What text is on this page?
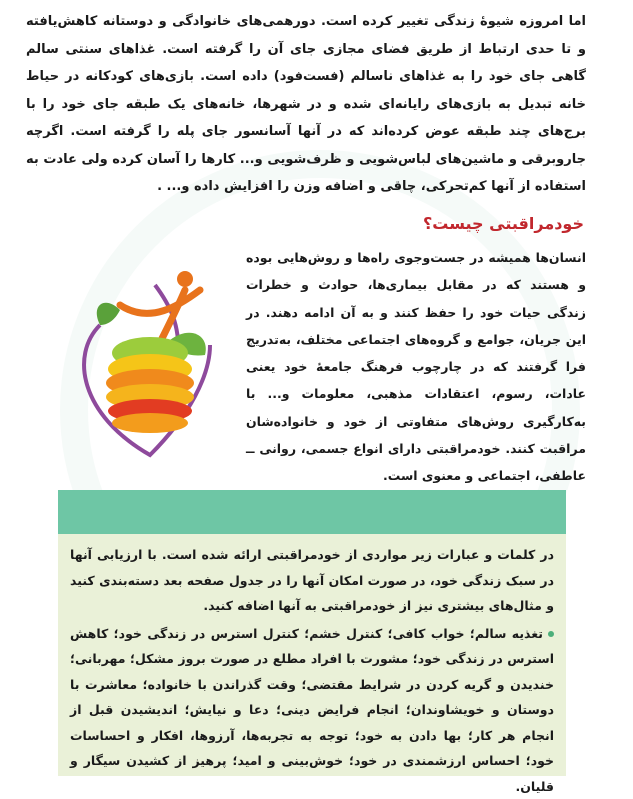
اما امروزه شیوهٔ زندگی تغییر کرده است. دورهمی‌های خانوادگی و دوستانه کاهش‌یافته و تا حدی ارتباط از طریق فضای مجازی جای آن را گرفته است. غذاهای سنتی سالم گاهی جای خود را به غذاهای ناسالم (فست‌فود) داده است. بازی‌های کودکانه در حیاط خانه تبدیل به بازی‌های رایانه‌ای شده و در شهرها، خانه‌های یک طبقه جای خود را با برج‌های چند طبقه عوض کرده‌اند که در آنها آسانسور جای پله را گرفته است. اگرچه جاروبرقی و ماشین‌های لباس‌شویی و ظرف‌شویی و... کارها را آسان کرده ولی عادت به استفاده از آنها کم‌تحرکی، چاقی و اضافه وزن را افزایش داده و... .

خودمراقبتی چیست؟

انسان‌ها همیشه در جست‌وجوی راه‌ها و روش‌هایی بوده و هستند که در مقابل بیماری‌ها، حوادث و خطرات زندگی حیات خود را حفظ کنند و به آن ادامه دهند. در این جریان، جوامع و گروه‌های اجتماعی مختلف، به‌تدریج فرا گرفتند که در چارچوب فرهنگ جامعهٔ خود یعنی عادات، رسوم، اعتقادات مذهبی، معلومات و... با به‌کارگیری روش‌های متفاوتی از خود و خانواده‌شان مراقبت کنند. خودمراقبتی دارای انواع جسمی، روانی ــ عاطفی، اجتماعی و معنوی است.

در کلمات و عبارات زیر مواردی از خودمراقبتی ارائه شده است. با ارزیابی آنها در سبک زندگی خود، در صورت امکان آنها را در جدول صفحه بعد دسته‌بندی کنید و مثال‌های بیشتری نیز از خودمراقبتی به آنها اضافه کنید.

تغذیه سالم؛ خواب کافی؛ کنترل خشم؛ کنترل استرس در زندگی خود؛ کاهش استرس در زندگی خود؛ مشورت با افراد مطلع در صورت بروز مشکل؛ مهربانی؛ خندیدن و گریه کردن در شرایط مقتضی؛ وقت گذراندن با خانواده؛ معاشرت با دوستان و خویشاوندان؛ انجام فرایض دینی؛ دعا و نیایش؛ اندیشیدن قبل از انجام هر کار؛ بها دادن به خود؛ توجه به تجربه‌ها، آرزوها، افکار و احساسات خود؛ احساس ارزشمندی در خود؛ خوش‌بینی و امید؛ پرهیز از کشیدن سیگار و قلیان.
